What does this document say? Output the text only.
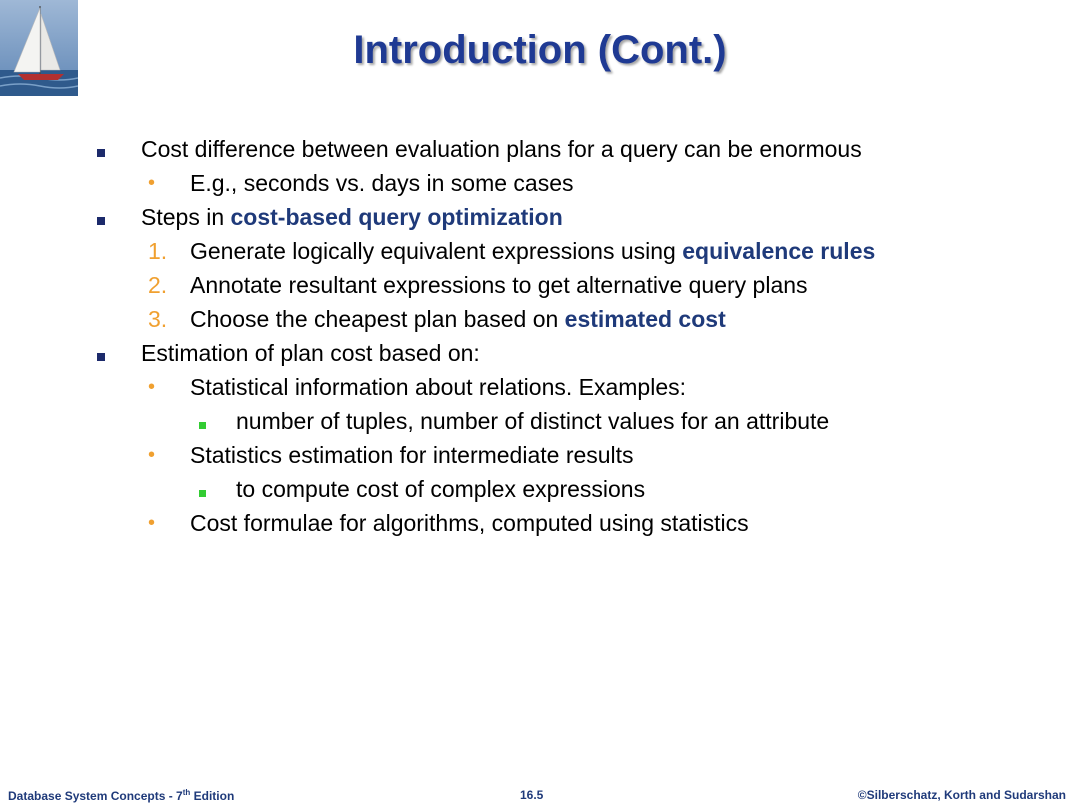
Introduction (Cont.)
Cost difference between evaluation plans for a query can be enormous
• E.g., seconds vs. days in some cases
Steps in cost-based query optimization
1. Generate logically equivalent expressions using equivalence rules
2. Annotate resultant expressions to get alternative query plans
3. Choose the cheapest plan based on estimated cost
Estimation of plan cost based on:
• Statistical information about relations. Examples:
number of tuples, number of distinct values for an attribute
• Statistics estimation for intermediate results
to compute cost of complex expressions
• Cost formulae for algorithms, computed using statistics
Database System Concepts - 7th Edition	16.5	©Silberschatz, Korth and Sudarshan
